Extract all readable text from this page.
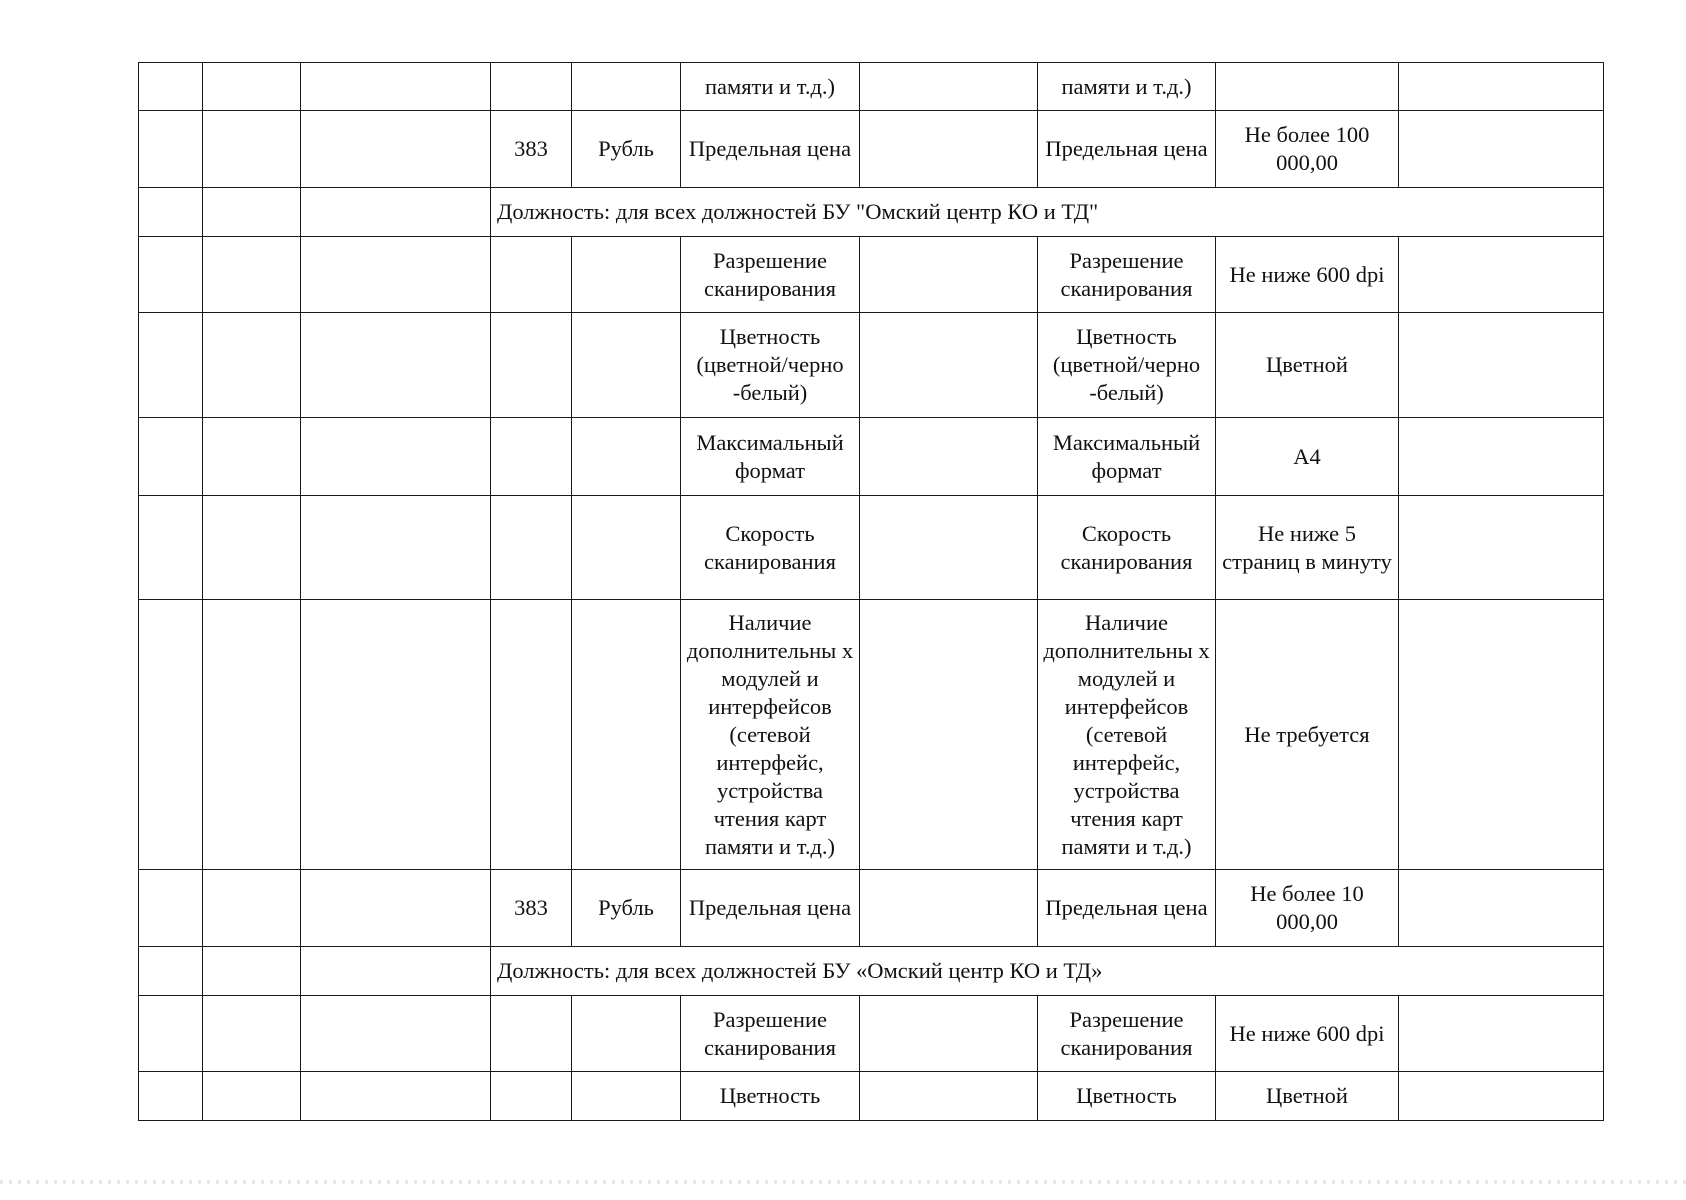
					памяти и т.д.)		памяти и т.д.)		
			383	Рубль	Предельная цена		Предельная цена	Не более 100 000,00	
			Должность: для всех должностей БУ "Омский центр КО и ТД"						
					Разрешение сканирования		Разрешение сканирования	Не ниже 600 dpi	
					Цветность (цветной/черно -белый)		Цветность (цветной/черно -белый)	Цветной	
					Максимальный формат		Максимальный формат	А4	
					Скорость сканирования		Скорость сканирования	Не ниже 5 страниц в минуту	
					Наличие дополнительны х модулей и интерфейсов (сетевой интерфейс, устройства чтения карт памяти и т.д.)		Наличие дополнительны х модулей и интерфейсов (сетевой интерфейс, устройства чтения карт памяти и т.д.)	Не требуется	
			383	Рубль	Предельная цена		Предельная цена	Не более 10 000,00	
			Должность: для всех должностей БУ «Омский центр КО и ТД»						
					Разрешение сканирования		Разрешение сканирования	Не ниже 600 dpi	
					Цветность		Цветность	Цветной	
